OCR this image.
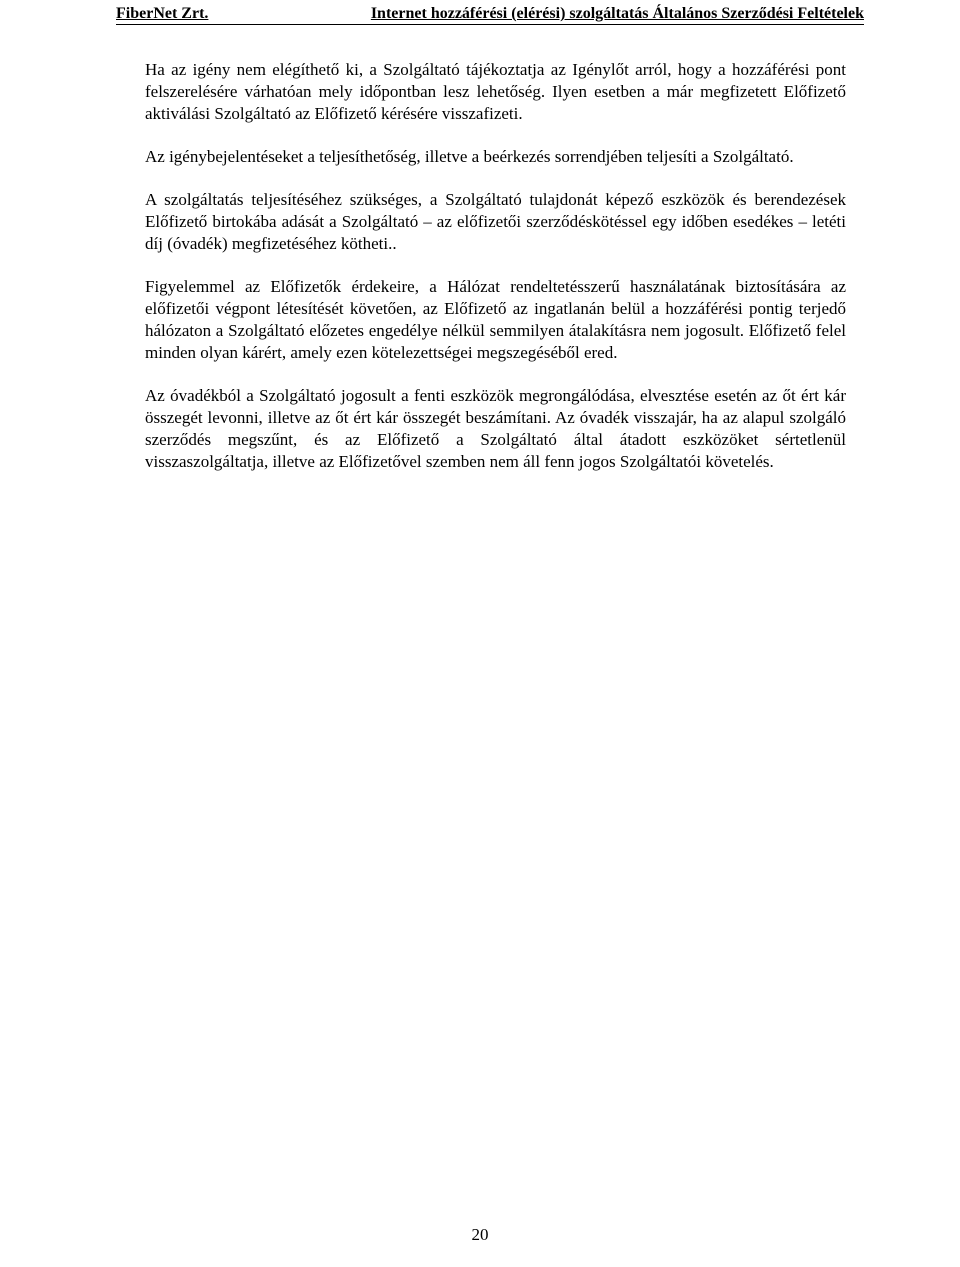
FiberNet Zrt.	Internet hozzáférési (elérési) szolgáltatás Általános Szerződési Feltételek

Ha az igény nem elégíthető ki, a Szolgáltató tájékoztatja az Igénylőt arról, hogy a hozzáférési pont felszerelésére várhatóan mely időpontban lesz lehetőség. Ilyen esetben a már megfizetett Előfizető aktiválási Szolgáltató az Előfizető kérésére visszafizeti.

Az igénybejelentéseket a teljesíthetőség, illetve a beérkezés sorrendjében teljesíti a Szolgáltató.

A szolgáltatás teljesítéséhez szükséges, a Szolgáltató tulajdonát képező eszközök és berendezések Előfizető birtokába adását a Szolgáltató – az előfizetői szerződéskötéssel egy időben esedékes – letéti díj (óvadék) megfizetéséhez kötheti..

Figyelemmel az Előfizetők érdekeire, a Hálózat rendeltetésszerű használatának biztosítására az előfizetői végpont létesítését követően, az Előfizető az ingatlanán belül a hozzáférési pontig terjedő hálózaton a Szolgáltató előzetes engedélye nélkül semmilyen átalakításra nem jogosult. Előfizető felel minden olyan kárért, amely ezen kötelezettségei megszegéséből ered.

Az óvadékból a Szolgáltató jogosult a fenti eszközök megrongálódása, elvesztése esetén az őt ért kár összegét levonni, illetve az őt ért kár összegét beszámítani. Az óvadék visszajár, ha az alapul szolgáló szerződés megszűnt, és az Előfizető a Szolgáltató által átadott eszközöket sértetlenül visszaszolgáltatja, illetve az Előfizetővel szemben nem áll fenn jogos Szolgáltatói követelés.

20
